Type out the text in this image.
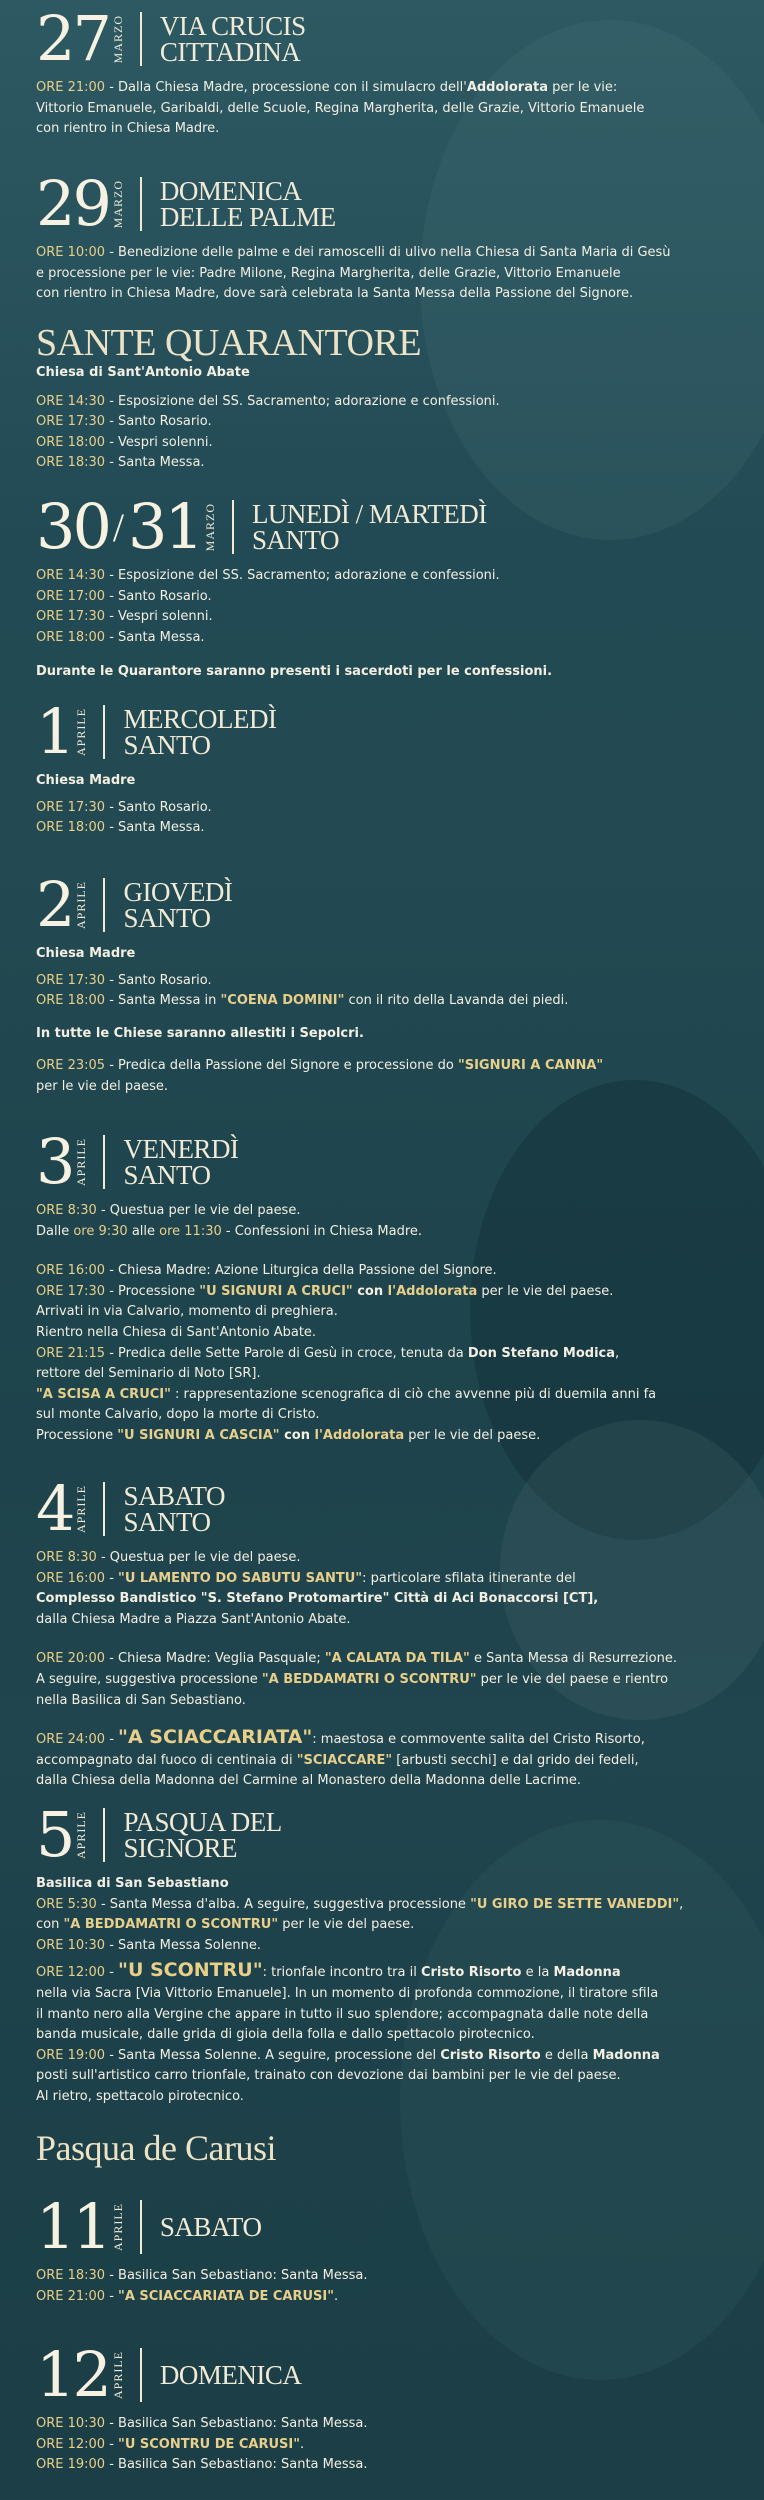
27 MARZO VIA CRUCIS
CITTADINA
ORE 21:00 - Dalla Chiesa Madre, processione con il simulacro dell'Addolorata per le vie:
Vittorio Emanuele, Garibaldi, delle Scuole, Regina Margherita, delle Grazie, Vittorio Emanuele
con rientro in Chiesa Madre.
29 MARZO DOMENICA
DELLE PALME
ORE 10:00 - Benedizione delle palme e dei ramoscelli di ulivo nella Chiesa di Santa Maria di Gesù
e processione per le vie: Padre Milone, Regina Margherita, delle Grazie, Vittorio Emanuele
con rientro in Chiesa Madre, dove sarà celebrata la Santa Messa della Passione del Signore.
SANTE QUARANTORE
Chiesa di Sant'Antonio Abate
ORE 14:30 - Esposizione del SS. Sacramento; adorazione e confessioni.
ORE 17:30 - Santo Rosario.
ORE 18:00 - Vespri solenni.
ORE 18:30 - Santa Messa.
30 / 31 MARZO LUNEDÌ / MARTEDÌ
SANTO
ORE 14:30 - Esposizione del SS. Sacramento; adorazione e confessioni.
ORE 17:00 - Santo Rosario.
ORE 17:30 - Vespri solenni.
ORE 18:00 - Santa Messa.
Durante le Quarantore saranno presenti i sacerdoti per le confessioni.
1 APRILE MERCOLEDÌ
SANTO
Chiesa Madre
ORE 17:30 - Santo Rosario.
ORE 18:00 - Santa Messa.
2 APRILE GIOVEDÌ
SANTO
Chiesa Madre
ORE 17:30 - Santo Rosario.
ORE 18:00 - Santa Messa in "COENA DOMINI" con il rito della Lavanda dei piedi.
In tutte le Chiese saranno allestiti i Sepolcri.
ORE 23:05 - Predica della Passione del Signore e processione do "SIGNURI A CANNA"
per le vie del paese.
3 APRILE VENERDÌ
SANTO
ORE 8:30 - Questua per le vie del paese.
Dalle ore 9:30 alle ore 11:30 - Confessioni in Chiesa Madre.
ORE 16:00 - Chiesa Madre: Azione Liturgica della Passione del Signore.
ORE 17:30 - Processione "U SIGNURI A CRUCI" con l'Addolorata per le vie del paese.
Arrivati in via Calvario, momento di preghiera.
Rientro nella Chiesa di Sant'Antonio Abate.
ORE 21:15 - Predica delle Sette Parole di Gesù in croce, tenuta da Don Stefano Modica,
rettore del Seminario di Noto [SR].
"A SCISA A CRUCI" : rappresentazione scenografica di ciò che avvenne più di duemila anni fa
sul monte Calvario, dopo la morte di Cristo.
Processione "U SIGNURI A CASCIA" con l'Addolorata per le vie del paese.
4 APRILE SABATO
SANTO
ORE 8:30 - Questua per le vie del paese.
ORE 16:00 - "U LAMENTO DO SABUTU SANTU": particolare sfilata itinerante del
Complesso Bandistico "S. Stefano Protomartire" Città di Aci Bonaccorsi [CT],
dalla Chiesa Madre a Piazza Sant'Antonio Abate.
ORE 20:00 - Chiesa Madre: Veglia Pasquale; "A CALATA DA TILA" e Santa Messa di Resurrezione.
A seguire, suggestiva processione "A BEDDAMATRI O SCONTRU" per le vie del paese e rientro
nella Basilica di San Sebastiano.
ORE 24:00 - "A SCIACCARIATA": maestosa e commovente salita del Cristo Risorto,
accompagnato dal fuoco di centinaia di "SCIACCARE" [arbusti secchi] e dal grido dei fedeli,
dalla Chiesa della Madonna del Carmine al Monastero della Madonna delle Lacrime.
5 APRILE PASQUA DEL
SIGNORE
Basilica di San Sebastiano
ORE 5:30 - Santa Messa d'alba. A seguire, suggestiva processione "U GIRO DE SETTE VANEDDI",
con "A BEDDAMATRI O SCONTRU" per le vie del paese.
ORE 10:30 - Santa Messa Solenne.
ORE 12:00 - "U SCONTRU": trionfale incontro tra il Cristo Risorto e la Madonna
nella via Sacra [Via Vittorio Emanuele]. In un momento di profonda commozione, il tiratore sfila
il manto nero alla Vergine che appare in tutto il suo splendore; accompagnata dalle note della
banda musicale, dalle grida di gioia della folla e dallo spettacolo pirotecnico.
ORE 19:00 - Santa Messa Solenne. A seguire, processione del Cristo Risorto e della Madonna
posti sull'artistico carro trionfale, trainato con devozione dai bambini per le vie del paese.
Al rietro, spettacolo pirotecnico.
Pasqua de Carusi
11 APRILE SABATO
ORE 18:30 - Basilica San Sebastiano: Santa Messa.
ORE 21:00 - "A SCIACCARIATA DE CARUSI".
12 APRILE DOMENICA
ORE 10:30 - Basilica San Sebastiano: Santa Messa.
ORE 12:00 - "U SCONTRU DE CARUSI".
ORE 19:00 - Basilica San Sebastiano: Santa Messa.
